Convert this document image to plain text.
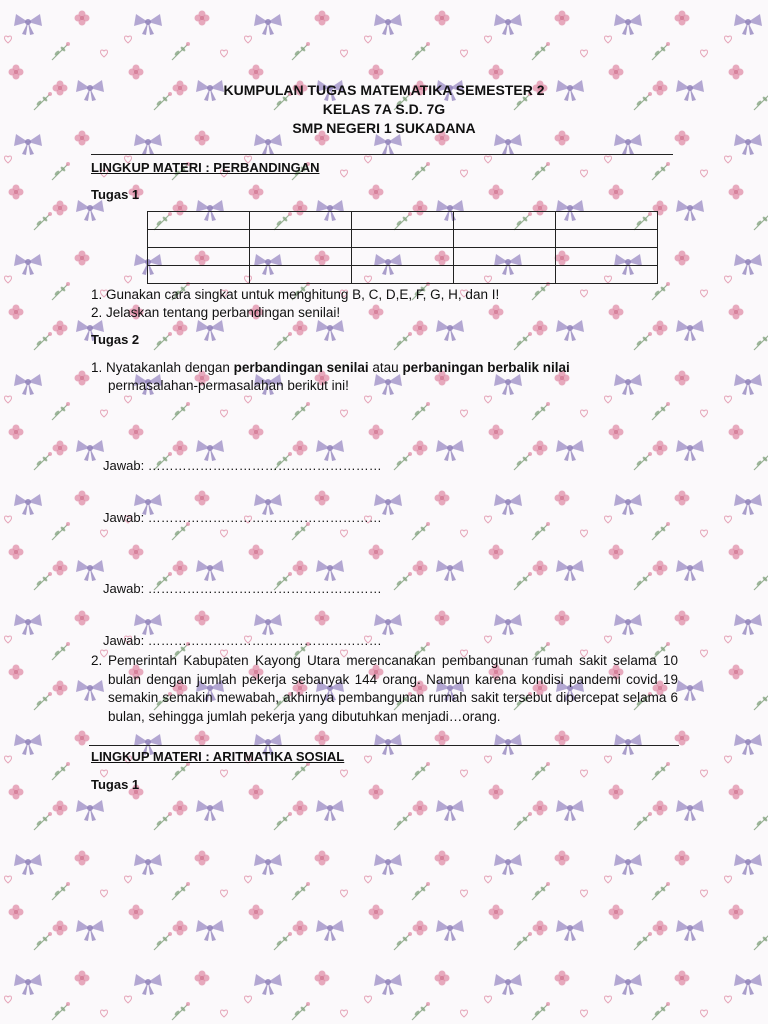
KUMPULAN TUGAS MATEMATIKA SEMESTER 2
KELAS 7A S.D. 7G
SMP NEGERI 1 SUKADANA
LINGKUP MATERI : PERBANDINGAN
Tugas 1

1. Gunakan cara singkat untuk menghitung B, C, D,E, F, G, H, dan I!
2. Jelaskan tentang perbandingan senilai!
Tugas 2
1. Nyatakanlah dengan perbandingan senilai atau perbaningan berbalik nilai
permasalahan-permasalahan berikut ini!
Jawab: ………………………………………………
Jawab: ………………………………………………
Jawab: ………………………………………………
Jawab: ………………………………………………
2. Pemerintah Kabupaten Kayong Utara merencanakan pembangunan rumah sakit selama 10 bulan dengan jumlah pekerja sebanyak 144 orang. Namun karena kondisi pandemi covid 19 semakin semakin mewabah, akhirnya pembangunan rumah sakit tersebut dipercepat selama 6 bulan, sehingga jumlah pekerja yang dibutuhkan menjadi…orang.
LINGKUP MATERI : ARITMATIKA SOSIAL
Tugas 1
